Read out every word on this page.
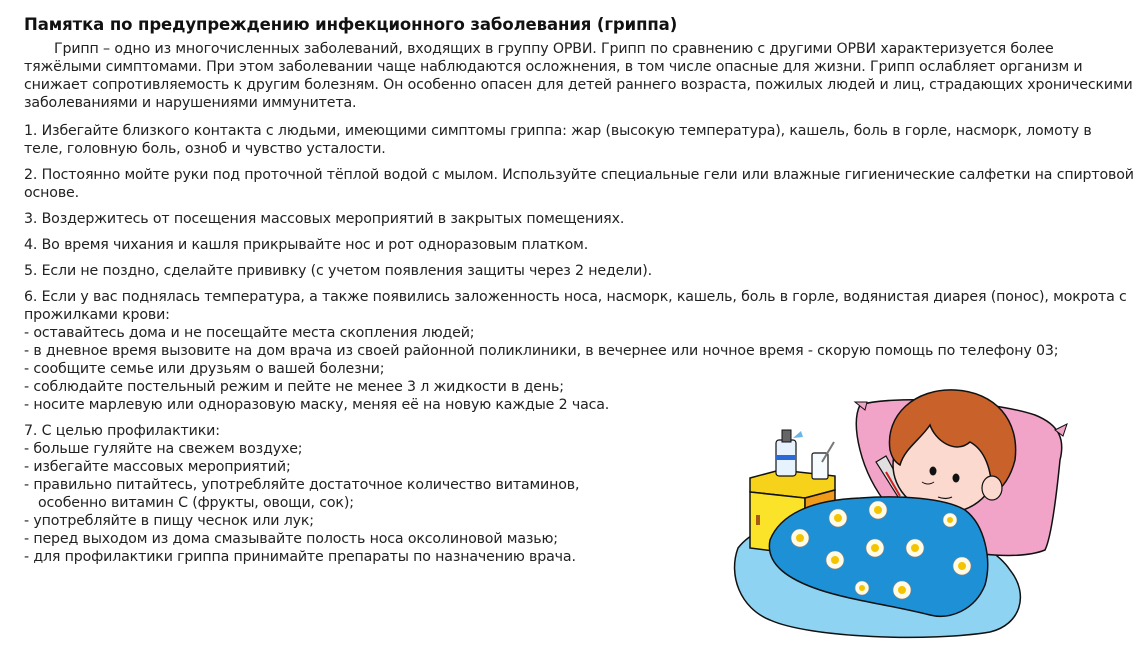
Памятка по предупреждению инфекционного заболевания (гриппа)

Грипп – одно из многочисленных заболеваний, входящих в группу ОРВИ. Грипп по сравнению с другими ОРВИ характеризуется более тяжёлыми симптомами. При этом заболевании чаще наблюдаются осложнения, в том числе опасные для жизни. Грипп ослабляет организм и снижает сопротивляемость к другим болезням. Он особенно опасен для детей раннего возраста, пожилых людей и лиц, страдающих хроническими заболеваниями и нарушениями иммунитета.

1. Избегайте близкого контакта с людьми, имеющими симптомы гриппа: жар (высокую температура), кашель, боль в горле, насморк, ломоту в теле, головную боль, озноб и чувство усталости.

2. Постоянно мойте руки под проточной тёплой водой с мылом. Используйте специальные гели или влажные гигиенические салфетки на спиртовой основе.

3. Воздержитесь от посещения массовых мероприятий в закрытых помещениях.

4. Во время чихания и кашля прикрывайте нос и рот одноразовым платком.

5. Если не поздно, сделайте прививку (с учетом появления защиты через 2 недели).

6. Если у вас поднялась температура, а также появились заложенность носа, насморк, кашель, боль в горле, водянистая диарея (понос), мокрота с прожилками крови:

- оставайтесь дома и не посещайте места скопления людей;

- в дневное время вызовите на дом врача из своей районной поликлиники, в вечернее или ночное время - скорую помощь по телефону 03;

- сообщите семье или друзьям о вашей болезни;

- соблюдайте постельный режим и пейте не менее 3 л жидкости в день;

- носите марлевую или одноразовую маску, меняя её на новую каждые 2 часа.

7. С целью профилактики:

- больше гуляйте на свежем воздухе;

- избегайте массовых мероприятий;

- правильно питайтесь, употребляйте достаточное количество витаминов,

особенно витамин С (фрукты, овощи, сок);

- употребляйте в пищу чеснок или лук;

- перед выходом из дома смазывайте полость носа оксолиновой мазью;

- для профилактики гриппа принимайте препараты по назначению врача.
